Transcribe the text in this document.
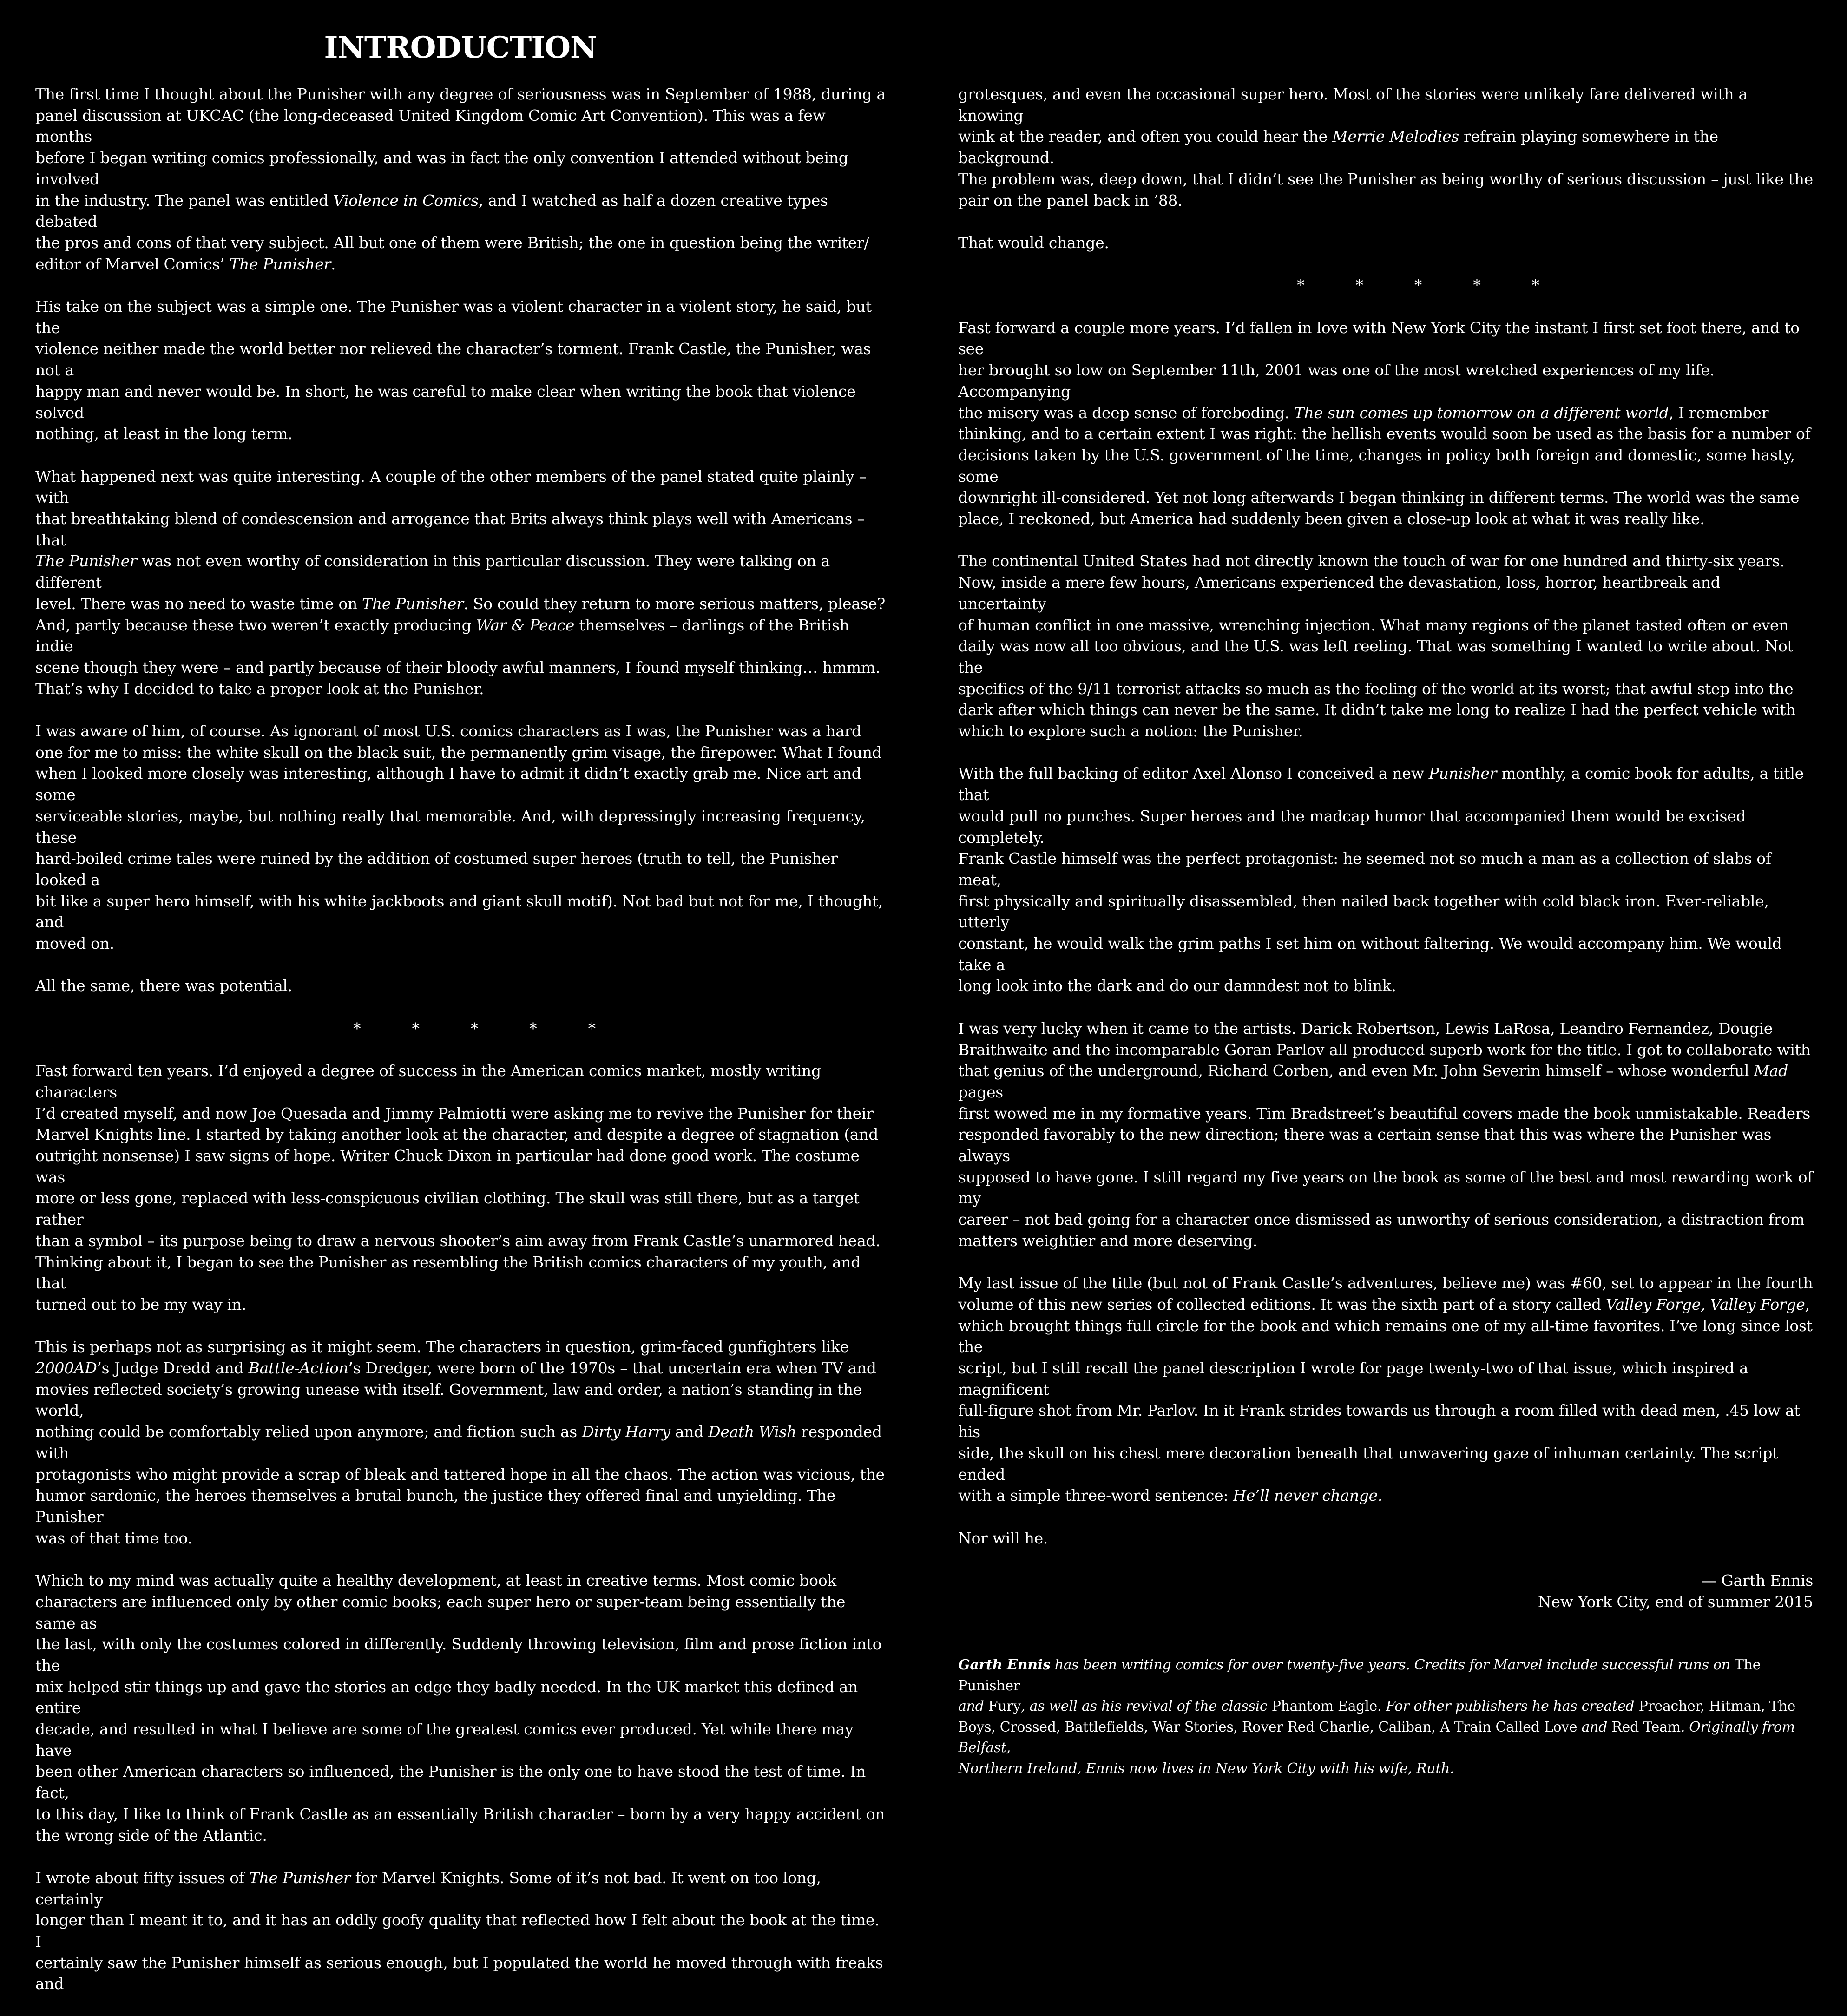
INTRODUCTION

The first time I thought about the Punisher with any degree of seriousness was in September of 1988, during a
panel discussion at UKCAC (the long-deceased United Kingdom Comic Art Convention). This was a few months
before I began writing comics professionally, and was in fact the only convention I attended without being involved
in the industry. The panel was entitled Violence in Comics, and I watched as half a dozen creative types debated
the pros and cons of that very subject. All but one of them were British; the one in question being the writer/
editor of Marvel Comics’ The Punisher.

His take on the subject was a simple one. The Punisher was a violent character in a violent story, he said, but the
violence neither made the world better nor relieved the character’s torment. Frank Castle, the Punisher, was not a
happy man and never would be. In short, he was careful to make clear when writing the book that violence solved
nothing, at least in the long term.

What happened next was quite interesting. A couple of the other members of the panel stated quite plainly – with
that breathtaking blend of condescension and arrogance that Brits always think plays well with Americans – that
The Punisher was not even worthy of consideration in this particular discussion. They were talking on a different
level. There was no need to waste time on The Punisher. So could they return to more serious matters, please?
And, partly because these two weren’t exactly producing War & Peace themselves – darlings of the British indie
scene though they were – and partly because of their bloody awful manners, I found myself thinking… hmmm.
That’s why I decided to take a proper look at the Punisher.

I was aware of him, of course. As ignorant of most U.S. comics characters as I was, the Punisher was a hard
one for me to miss: the white skull on the black suit, the permanently grim visage, the firepower. What I found
when I looked more closely was interesting, although I have to admit it didn’t exactly grab me. Nice art and some
serviceable stories, maybe, but nothing really that memorable. And, with depressingly increasing frequency, these
hard-boiled crime tales were ruined by the addition of costumed super heroes (truth to tell, the Punisher looked a
bit like a super hero himself, with his white jackboots and giant skull motif). Not bad but not for me, I thought, and
moved on.

All the same, there was potential.

* * * * *

Fast forward ten years. I’d enjoyed a degree of success in the American comics market, mostly writing characters
I’d created myself, and now Joe Quesada and Jimmy Palmiotti were asking me to revive the Punisher for their
Marvel Knights line. I started by taking another look at the character, and despite a degree of stagnation (and
outright nonsense) I saw signs of hope. Writer Chuck Dixon in particular had done good work. The costume was
more or less gone, replaced with less-conspicuous civilian clothing. The skull was still there, but as a target rather
than a symbol – its purpose being to draw a nervous shooter’s aim away from Frank Castle’s unarmored head.
Thinking about it, I began to see the Punisher as resembling the British comics characters of my youth, and that
turned out to be my way in.

This is perhaps not as surprising as it might seem. The characters in question, grim-faced gunfighters like
2000AD’s Judge Dredd and Battle-Action’s Dredger, were born of the 1970s – that uncertain era when TV and
movies reflected society’s growing unease with itself. Government, law and order, a nation’s standing in the world,
nothing could be comfortably relied upon anymore; and fiction such as Dirty Harry and Death Wish responded with
protagonists who might provide a scrap of bleak and tattered hope in all the chaos. The action was vicious, the
humor sardonic, the heroes themselves a brutal bunch, the justice they offered final and unyielding. The Punisher
was of that time too.

Which to my mind was actually quite a healthy development, at least in creative terms. Most comic book
characters are influenced only by other comic books; each super hero or super-team being essentially the same as
the last, with only the costumes colored in differently. Suddenly throwing television, film and prose fiction into the
mix helped stir things up and gave the stories an edge they badly needed. In the UK market this defined an entire
decade, and resulted in what I believe are some of the greatest comics ever produced. Yet while there may have
been other American characters so influenced, the Punisher is the only one to have stood the test of time. In fact,
to this day, I like to think of Frank Castle as an essentially British character – born by a very happy accident on
the wrong side of the Atlantic.

I wrote about fifty issues of The Punisher for Marvel Knights. Some of it’s not bad. It went on too long, certainly
longer than I meant it to, and it has an oddly goofy quality that reflected how I felt about the book at the time. I
certainly saw the Punisher himself as serious enough, but I populated the world he moved through with freaks and

grotesques, and even the occasional super hero. Most of the stories were unlikely fare delivered with a knowing
wink at the reader, and often you could hear the Merrie Melodies refrain playing somewhere in the background.
The problem was, deep down, that I didn’t see the Punisher as being worthy of serious discussion – just like the
pair on the panel back in ’88.

That would change.

* * * * *

Fast forward a couple more years. I’d fallen in love with New York City the instant I first set foot there, and to see
her brought so low on September 11th, 2001 was one of the most wretched experiences of my life. Accompanying
the misery was a deep sense of foreboding. The sun comes up tomorrow on a different world, I remember
thinking, and to a certain extent I was right: the hellish events would soon be used as the basis for a number of
decisions taken by the U.S. government of the time, changes in policy both foreign and domestic, some hasty, some
downright ill-considered. Yet not long afterwards I began thinking in different terms. The world was the same
place, I reckoned, but America had suddenly been given a close-up look at what it was really like.

The continental United States had not directly known the touch of war for one hundred and thirty-six years.
Now, inside a mere few hours, Americans experienced the devastation, loss, horror, heartbreak and uncertainty
of human conflict in one massive, wrenching injection. What many regions of the planet tasted often or even
daily was now all too obvious, and the U.S. was left reeling. That was something I wanted to write about. Not the
specifics of the 9/11 terrorist attacks so much as the feeling of the world at its worst; that awful step into the
dark after which things can never be the same. It didn’t take me long to realize I had the perfect vehicle with
which to explore such a notion: the Punisher.

With the full backing of editor Axel Alonso I conceived a new Punisher monthly, a comic book for adults, a title that
would pull no punches. Super heroes and the madcap humor that accompanied them would be excised completely.
Frank Castle himself was the perfect protagonist: he seemed not so much a man as a collection of slabs of meat,
first physically and spiritually disassembled, then nailed back together with cold black iron. Ever-reliable, utterly
constant, he would walk the grim paths I set him on without faltering. We would accompany him. We would take a
long look into the dark and do our damndest not to blink.

I was very lucky when it came to the artists. Darick Robertson, Lewis LaRosa, Leandro Fernandez, Dougie
Braithwaite and the incomparable Goran Parlov all produced superb work for the title. I got to collaborate with
that genius of the underground, Richard Corben, and even Mr. John Severin himself – whose wonderful Mad pages
first wowed me in my formative years. Tim Bradstreet’s beautiful covers made the book unmistakable. Readers
responded favorably to the new direction; there was a certain sense that this was where the Punisher was always
supposed to have gone. I still regard my five years on the book as some of the best and most rewarding work of my
career – not bad going for a character once dismissed as unworthy of serious consideration, a distraction from
matters weightier and more deserving.

My last issue of the title (but not of Frank Castle’s adventures, believe me) was #60, set to appear in the fourth
volume of this new series of collected editions. It was the sixth part of a story called Valley Forge, Valley Forge,
which brought things full circle for the book and which remains one of my all-time favorites. I’ve long since lost the
script, but I still recall the panel description I wrote for page twenty-two of that issue, which inspired a magnificent
full-figure shot from Mr. Parlov. In it Frank strides towards us through a room filled with dead men, .45 low at his
side, the skull on his chest mere decoration beneath that unwavering gaze of inhuman certainty. The script ended
with a simple three-word sentence: He’ll never change.

Nor will he.

— Garth Ennis

New York City, end of summer 2015

Garth Ennis has been writing comics for over twenty-five years. Credits for Marvel include successful runs on The Punisher
and Fury, as well as his revival of the classic Phantom Eagle. For other publishers he has created Preacher, Hitman, The
Boys, Crossed, Battlefields, War Stories, Rover Red Charlie, Caliban, A Train Called Love and Red Team. Originally from Belfast,
Northern Ireland, Ennis now lives in New York City with his wife, Ruth.
